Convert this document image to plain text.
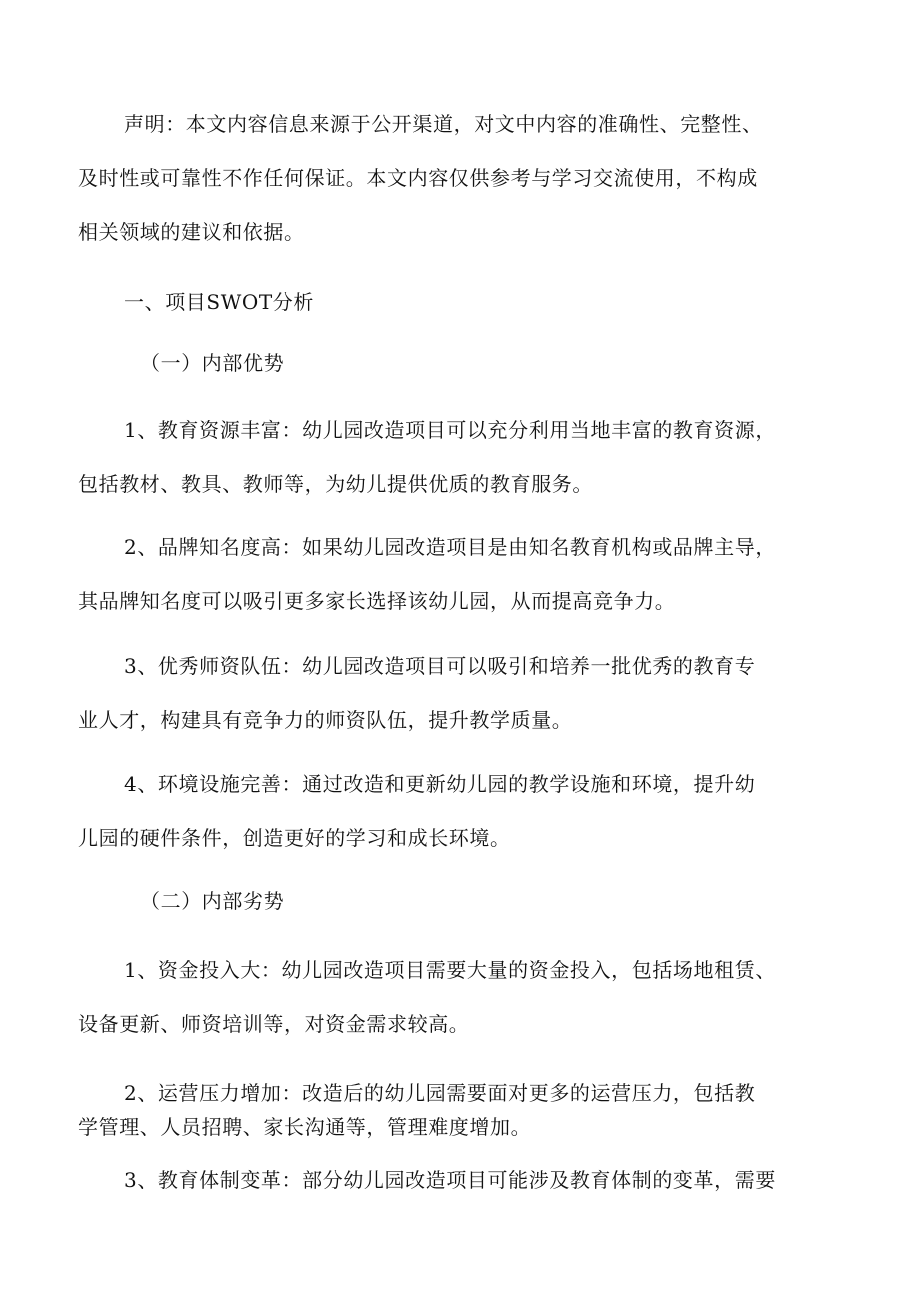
声明：本文内容信息来源于公开渠道，对文中内容的准确性、完整性、
及时性或可靠性不作任何保证。本文内容仅供参考与学习交流使用，不构成
相关领域的建议和依据。
一、项目SWOT分析
（一）内部优势
1、教育资源丰富：幼儿园改造项目可以充分利用当地丰富的教育资源，
包括教材、教具、教师等，为幼儿提供优质的教育服务。
2、品牌知名度高：如果幼儿园改造项目是由知名教育机构或品牌主导，
其品牌知名度可以吸引更多家长选择该幼儿园，从而提高竞争力。
3、优秀师资队伍：幼儿园改造项目可以吸引和培养一批优秀的教育专
业人才，构建具有竞争力的师资队伍，提升教学质量。
4、环境设施完善：通过改造和更新幼儿园的教学设施和环境，提升幼
儿园的硬件条件，创造更好的学习和成长环境。
（二）内部劣势
1、资金投入大：幼儿园改造项目需要大量的资金投入，包括场地租赁、
设备更新、师资培训等，对资金需求较高。
2、运营压力增加：改造后的幼儿园需要面对更多的运营压力，包括教
学管理、人员招聘、家长沟通等，管理难度增加。
3、教育体制变革：部分幼儿园改造项目可能涉及教育体制的变革，需要
